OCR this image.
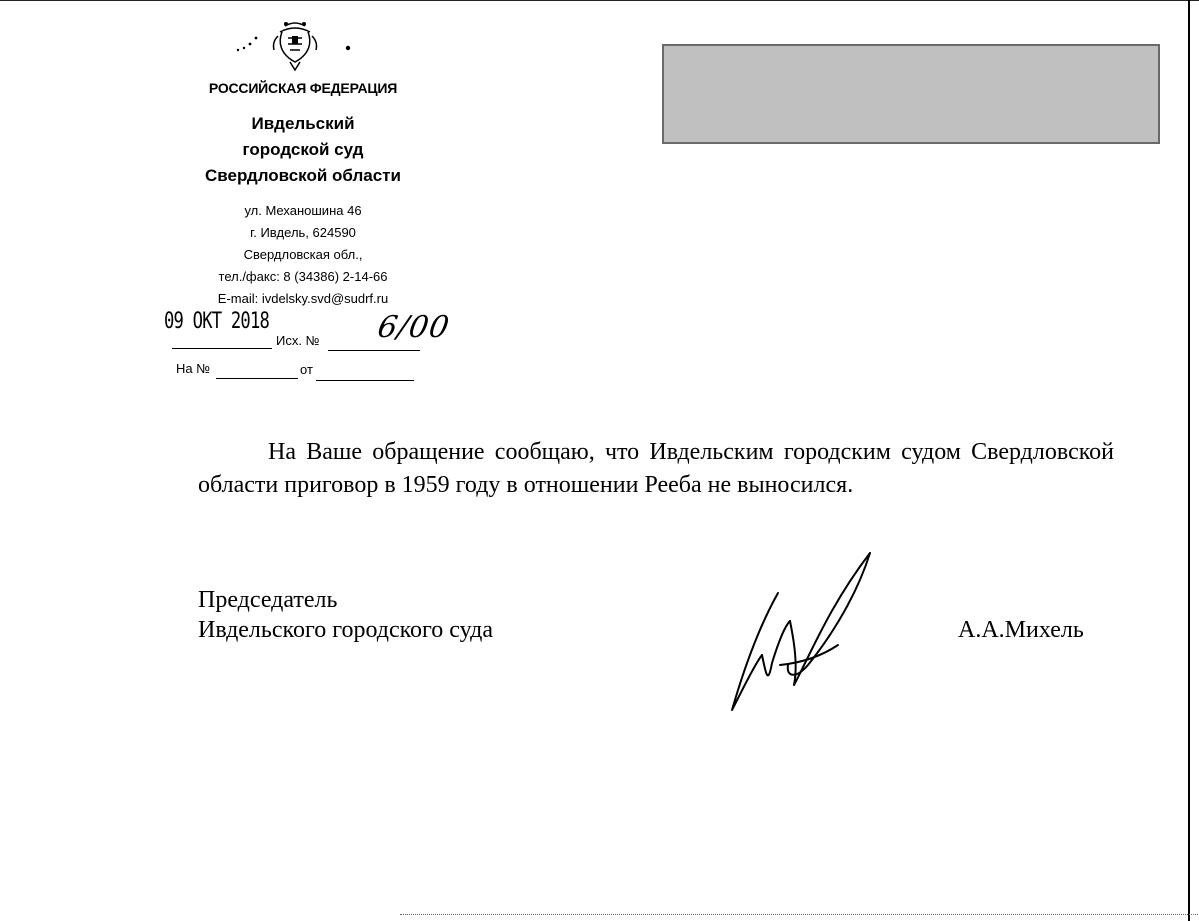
РОССИЙСКАЯ ФЕДЕРАЦИЯ
Ивдельский
городской суд
Свердловской области
ул. Механошина 46
г. Ивдель, 624590
Свердловская обл.,
тел./факс: 8 (34386) 2-14-66
E-mail: ivdelsky.svd@sudrf.ru
09 ОКТ 2018
Исх. № 6/00
На №	от
На Ваше обращение сообщаю, что Ивдельским городским судом Свердловской области приговор в 1959 году в отношении Рееба не выносился.
Председатель
Ивдельского городского суда	А.А.Михель
